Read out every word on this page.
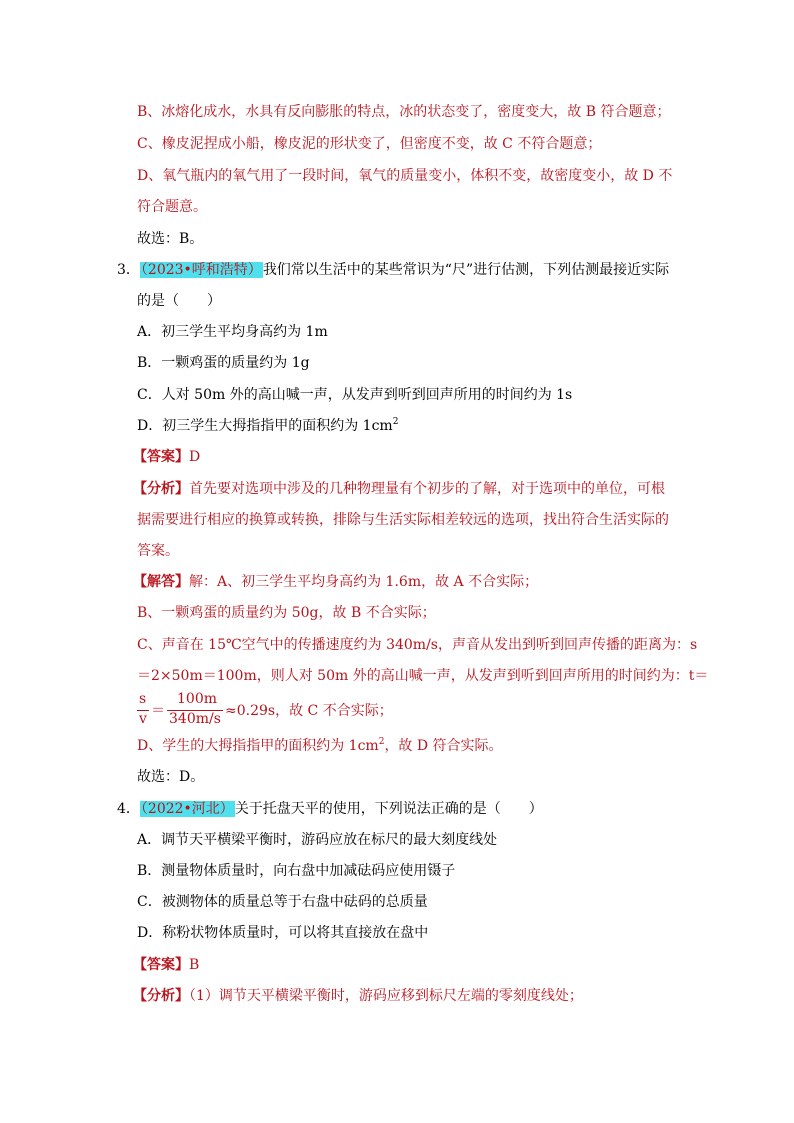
B、冰熔化成水，水具有反向膨胀的特点，冰的状态变了，密度变大，故 B 符合题意；
C、橡皮泥捏成小船，橡皮泥的形状变了，但密度不变，故 C 不符合题意；
D、氧气瓶内的氧气用了一段时间，氧气的质量变小，体积不变，故密度变小，故 D 不
符合题意。
故选：B。
3．（2023•呼和浩特）我们常以生活中的某些常识为“尺”进行估测，下列估测最接近实际
的是（　　）
A．初三学生平均身高约为 1m
B．一颗鸡蛋的质量约为 1g
C．人对 50m 外的高山喊一声，从发声到听到回声所用的时间约为 1s
D．初三学生大拇指指甲的面积约为 $1cm^2$
【答案】D
【分析】首先要对选项中涉及的几种物理量有个初步的了解，对于选项中的单位，可根
据需要进行相应的换算或转换，排除与生活实际相差较远的选项，找出符合生活实际的
答案。
【解答】解：A、初三学生平均身高约为 1.6m，故 A 不合实际；
B、一颗鸡蛋的质量约为 50g，故 B 不合实际；
C、声音在 15℃空气中的传播速度约为 340m/s，声音从发出到听到回声传播的距离为：s
＝2×50m＝100m，则人对 50m 外的高山喊一声，从发声到听到回声所用的时间约为：t＝
s
v ＝
100m
340m/s ≈0.29s，故 C 不合实际；
D、学生的大拇指指甲的面积约为 $1cm^2$，故 D 符合实际。
故选：D。
4．（2022•河北）关于托盘天平的使用，下列说法正确的是（　　）
A．调节天平横梁平衡时，游码应放在标尺的最大刻度线处
B．测量物体质量时，向右盘中加减砝码应使用镊子
C．被测物体的质量总等于右盘中砝码的总质量
D．称粉状物体质量时，可以将其直接放在盘中
【答案】B
【分析】（1）调节天平横梁平衡时，游码应移到标尺左端的零刻度线处；
